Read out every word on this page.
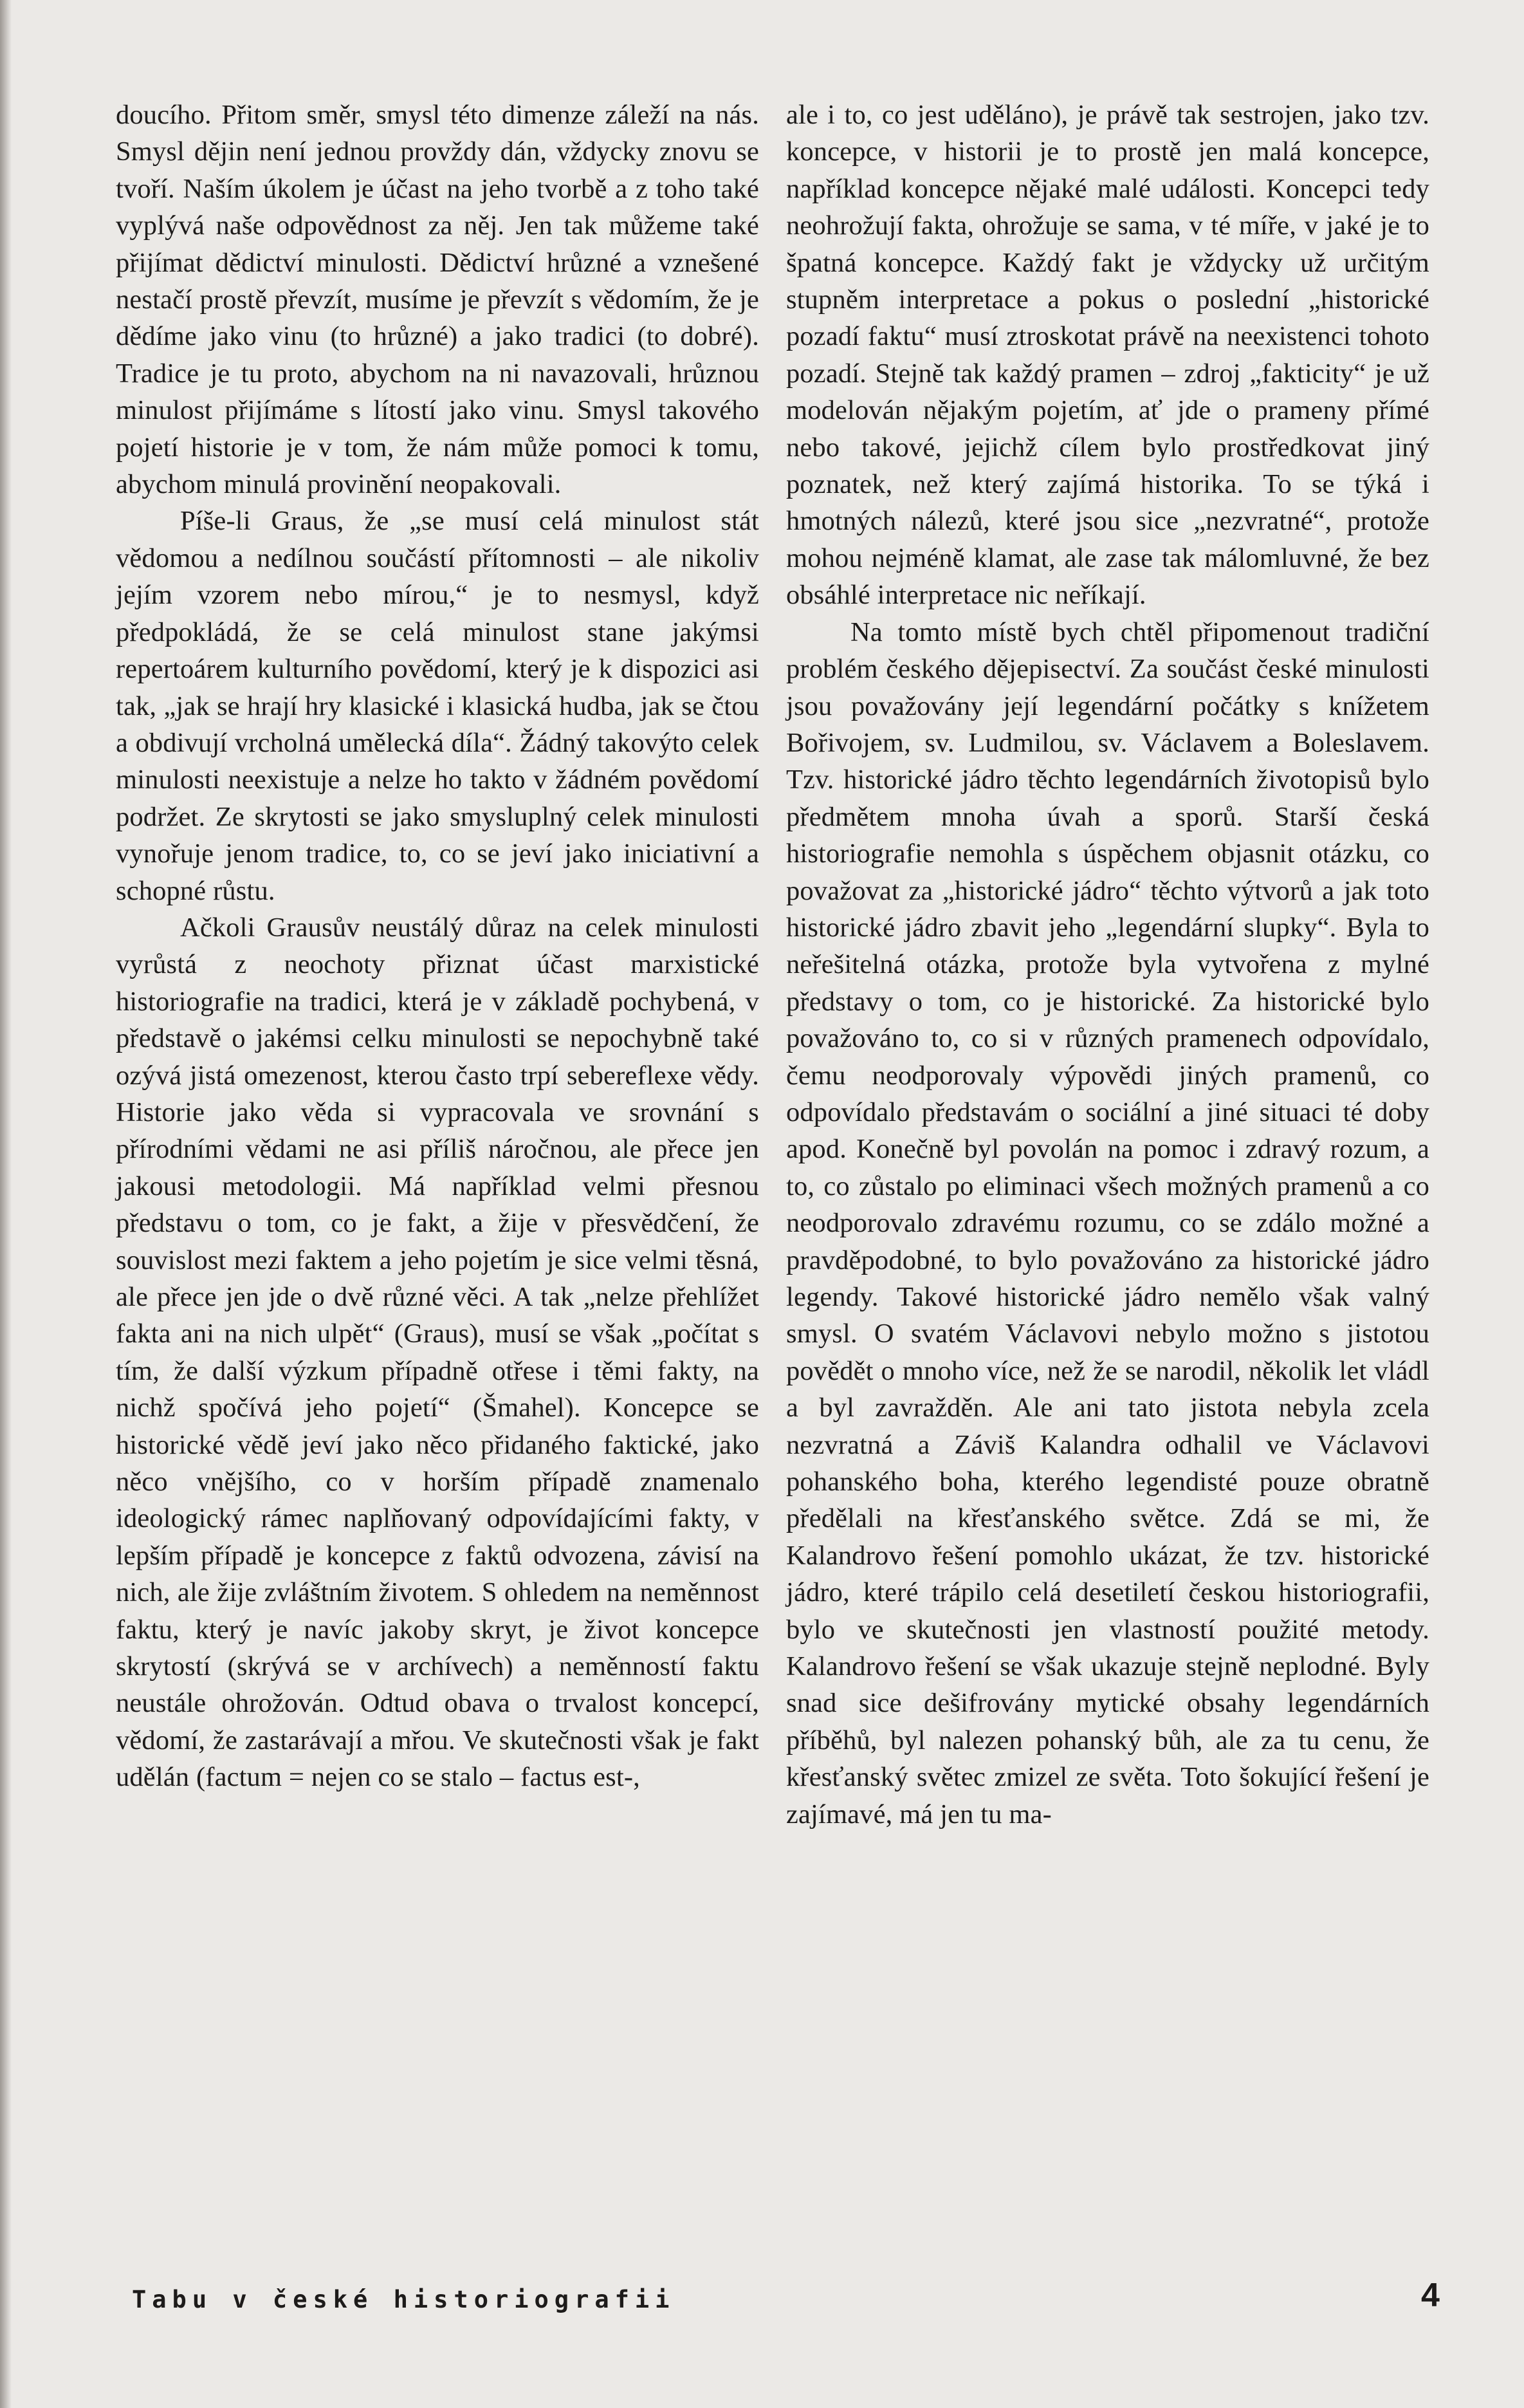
doucího. Přitom směr, smysl této dimenze záleží na nás. Smysl dějin není jednou provždy dán, vždycky znovu se tvoří. Naším úkolem je účast na jeho tvorbě a z toho také vyplývá naše odpovědnost za něj. Jen tak můžeme také přijímat dědictví minulosti. Dědictví hrůzné a vznešené nestačí prostě převzít, musíme je převzít s vědomím, že je dědíme jako vinu (to hrůzné) a jako tradici (to dobré). Tradice je tu proto, abychom na ni navazovali, hrůznou minulost přijímáme s lítostí jako vinu. Smysl takového pojetí historie je v tom, že nám může pomoci k tomu, abychom minulá provinění neopakovali.

Píše-li Graus, že „se musí celá minulost stát vědomou a nedílnou součástí přítomnosti – ale nikoliv jejím vzorem nebo mírou,“ je to nesmysl, když předpokládá, že se celá minulost stane jakýmsi repertoárem kulturního povědomí, který je k dispozici asi tak, „jak se hrají hry klasické i klasická hudba, jak se čtou a obdivují vrcholná umělecká díla“. Žádný takovýto celek minulosti neexistuje a nelze ho takto v žádném povědomí podržet. Ze skrytosti se jako smysluplný celek minulosti vynořuje jenom tradice, to, co se jeví jako iniciativní a schopné růstu.

Ačkoli Grausův neustálý důraz na celek minulosti vyrůstá z neochoty přiznat účast marxistické historiografie na tradici, která je v základě pochybená, v představě o jakémsi celku minulosti se nepochybně také ozývá jistá omezenost, kterou často trpí sebereflexe vědy. Historie jako věda si vypracovala ve srovnání s přírodními vědami ne asi příliš náročnou, ale přece jen jakousi metodologii. Má například velmi přesnou představu o tom, co je fakt, a žije v přesvědčení, že souvislost mezi faktem a jeho pojetím je sice velmi těsná, ale přece jen jde o dvě různé věci. A tak „nelze přehlížet fakta ani na nich ulpět“ (Graus), musí se však „počítat s tím, že další výzkum případně otřese i těmi fakty, na nichž spočívá jeho pojetí“ (Šmahel). Koncepce se historické vědě jeví jako něco přidaného faktické, jako něco vnějšího, co v horším případě znamenalo ideologický rámec naplňovaný odpovídajícími fakty, v lepším případě je koncepce z faktů odvozena, závisí na nich, ale žije zvláštním životem. S ohledem na neměnnost faktu, který je navíc jakoby skryt, je život koncepce skrytostí (skrývá se v archívech) a neměnností faktu neustále ohrožován. Odtud obava o trvalost koncepcí, vědomí, že zastarávají a mřou. Ve skutečnosti však je fakt udělán (factum = nejen co se stalo – factus est-,

ale i to, co jest uděláno), je právě tak sestrojen, jako tzv. koncepce, v historii je to prostě jen malá koncepce, například koncepce nějaké malé události. Koncepci tedy neohrožují fakta, ohrožuje se sama, v té míře, v jaké je to špatná koncepce. Každý fakt je vždycky už určitým stupněm interpretace a pokus o poslední „historické pozadí faktu“ musí ztroskotat právě na neexistenci tohoto pozadí. Stejně tak každý pramen – zdroj „fakticity“ je už modelován nějakým pojetím, ať jde o prameny přímé nebo takové, jejichž cílem bylo prostředkovat jiný poznatek, než který zajímá historika. To se týká i hmotných nálezů, které jsou sice „nezvratné“, protože mohou nejméně klamat, ale zase tak málomluvné, že bez obsáhlé interpretace nic neříkají.

Na tomto místě bych chtěl připomenout tradiční problém českého dějepisectví. Za součást české minulosti jsou považovány její legendární počátky s knížetem Bořivojem, sv. Ludmilou, sv. Václavem a Boleslavem. Tzv. historické jádro těchto legendárních životopisů bylo předmětem mnoha úvah a sporů. Starší česká historiografie nemohla s úspěchem objasnit otázku, co považovat za „historické jádro“ těchto výtvorů a jak toto historické jádro zbavit jeho „legendární slupky“. Byla to neřešitelná otázka, protože byla vytvořena z mylné představy o tom, co je historické. Za historické bylo považováno to, co si v různých pramenech odpovídalo, čemu neodporovaly výpovědi jiných pramenů, co odpovídalo představám o sociální a jiné situaci té doby apod. Konečně byl povolán na pomoc i zdravý rozum, a to, co zůstalo po eliminaci všech možných pramenů a co neodporovalo zdravému rozumu, co se zdálo možné a pravděpodobné, to bylo považováno za historické jádro legendy. Takové historické jádro nemělo však valný smysl. O svatém Václavovi nebylo možno s jistotou povědět o mnoho více, než že se narodil, několik let vládl a byl zavražděn. Ale ani tato jistota nebyla zcela nezvratná a Záviš Kalandra odhalil ve Václavovi pohanského boha, kterého legendisté pouze obratně předělali na křesťanského světce. Zdá se mi, že Kalandrovo řešení pomohlo ukázat, že tzv. historické jádro, které trápilo celá desetiletí českou historiografii, bylo ve skutečnosti jen vlastností použité metody. Kalandrovo řešení se však ukazuje stejně neplodné. Byly snad sice dešifrovány mytické obsahy legendárních příběhů, byl nalezen pohanský bůh, ale za tu cenu, že křesťanský světec zmizel ze světa. Toto šokující řešení je zajímavé, má jen tu ma-

Tabu v české historiografii	4
